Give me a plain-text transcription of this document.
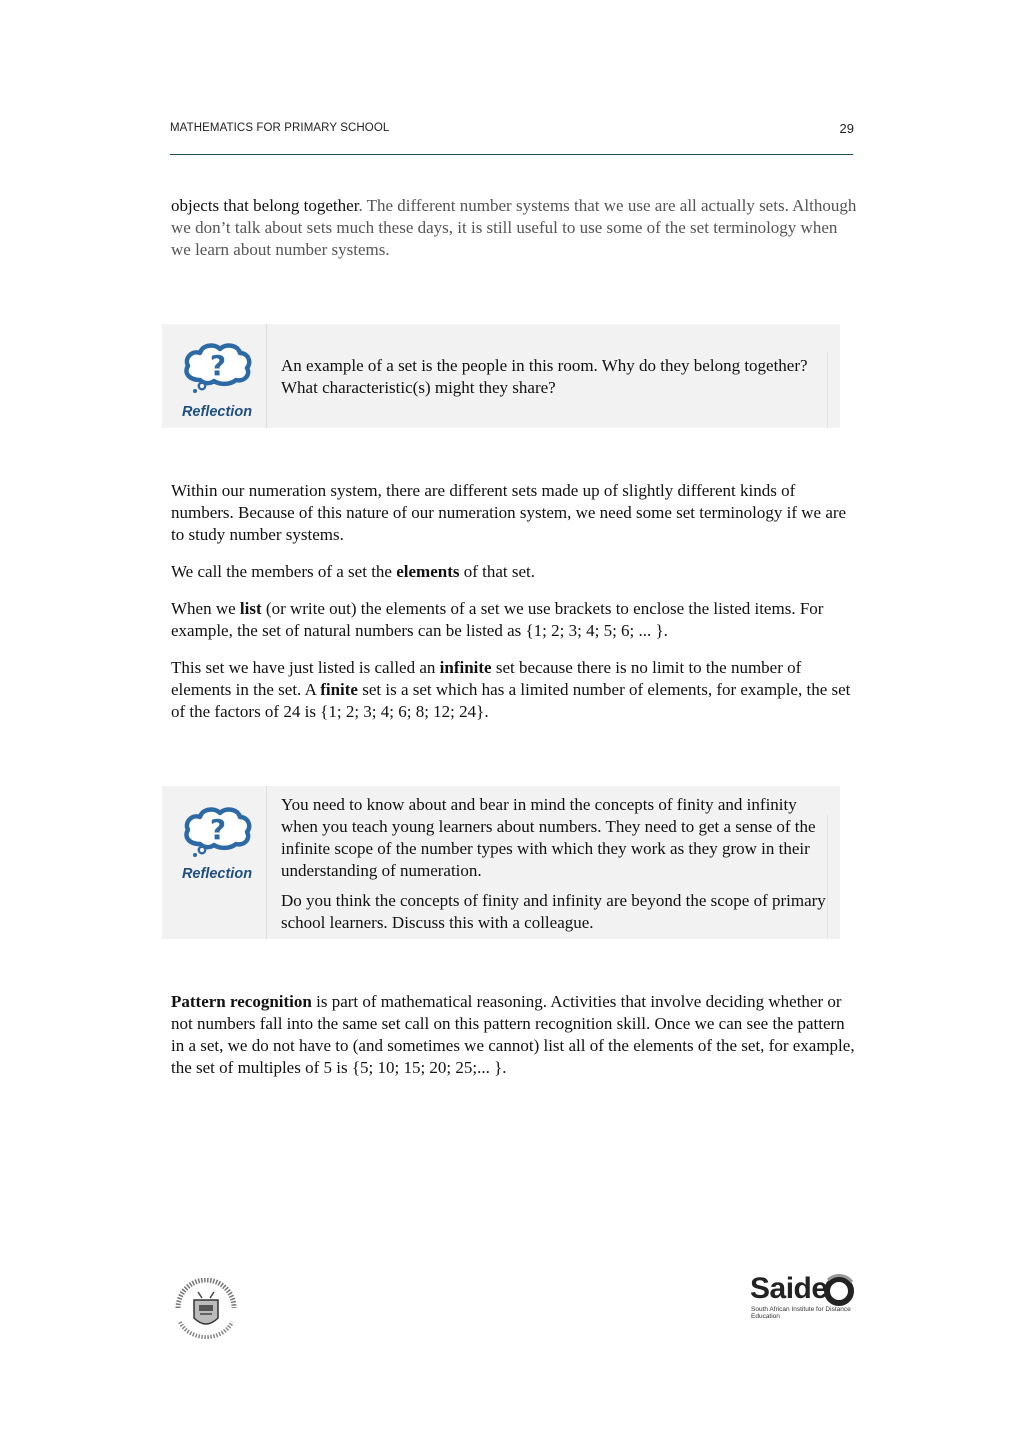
MATHEMATICS FOR PRIMARY SCHOOL	29

objects that belong together. The different number systems that we use are all actually sets. Although we don’t talk about sets much these days, it is still useful to use some of the set terminology when we learn about number systems.

?
Reflection

An example of a set is the people in this room. Why do they belong together? What characteristic(s) might they share?

Within our numeration system, there are different sets made up of slightly different kinds of numbers. Because of this nature of our numeration system, we need some set terminology if we are to study number systems.

We call the members of a set the elements of that set.

When we list (or write out) the elements of a set we use brackets to enclose the listed items. For example, the set of natural numbers can be listed as {1; 2; 3; 4; 5; 6; ... }.

This set we have just listed is called an infinite set because there is no limit to the number of elements in the set. A finite set is a set which has a limited number of elements, for example, the set of the factors of 24 is {1; 2; 3; 4; 6; 8; 12; 24}.

?
Reflection

You need to know about and bear in mind the concepts of finity and infinity when you teach young learners about numbers. They need to get a sense of the infinite scope of the number types with which they work as they grow in their understanding of numeration.

Do you think the concepts of finity and infinity are beyond the scope of primary school learners. Discuss this with a colleague.

Pattern recognition is part of mathematical reasoning. Activities that involve deciding whether or not numbers fall into the same set call on this pattern recognition skill. Once we can see the pattern in a set, we do not have to (and sometimes we cannot) list all of the elements of the set, for example, the set of multiples of 5 is {5; 10; 15; 20; 25;... }.

Saide
South African Institute for Distance Education
